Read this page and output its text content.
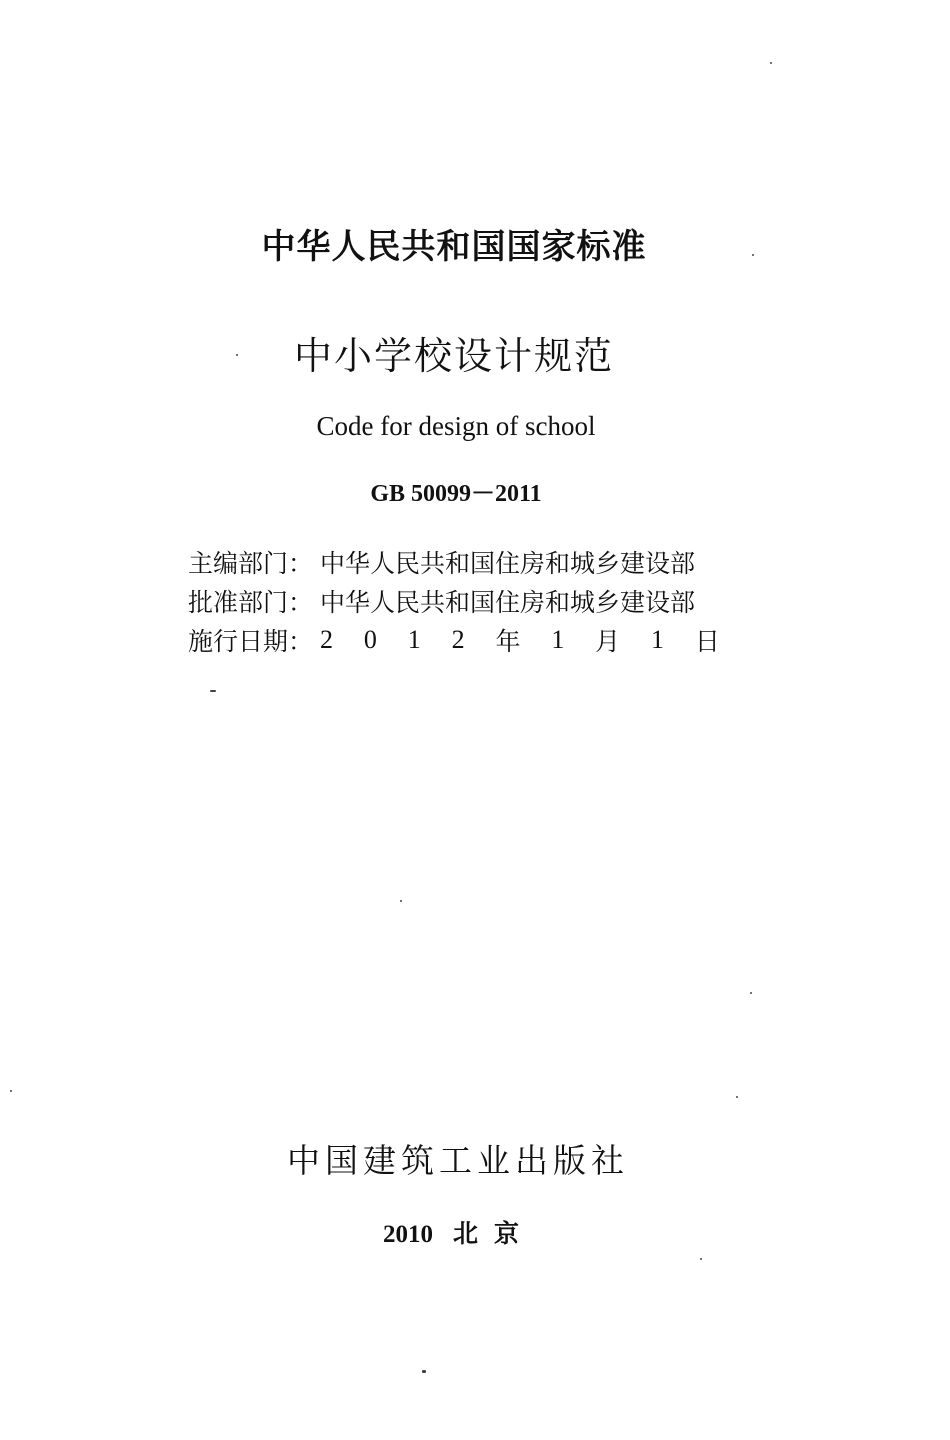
中华人民共和国国家标准
中小学校设计规范
Code for design of school
GB 50099－2011
主编部门： 中华人民共和国住房和城乡建设部
批准部门： 中华人民共和国住房和城乡建设部
施行日期： 2 0 1 2 年 1 月 1 日
中国建筑工业出版社
2010 北京
